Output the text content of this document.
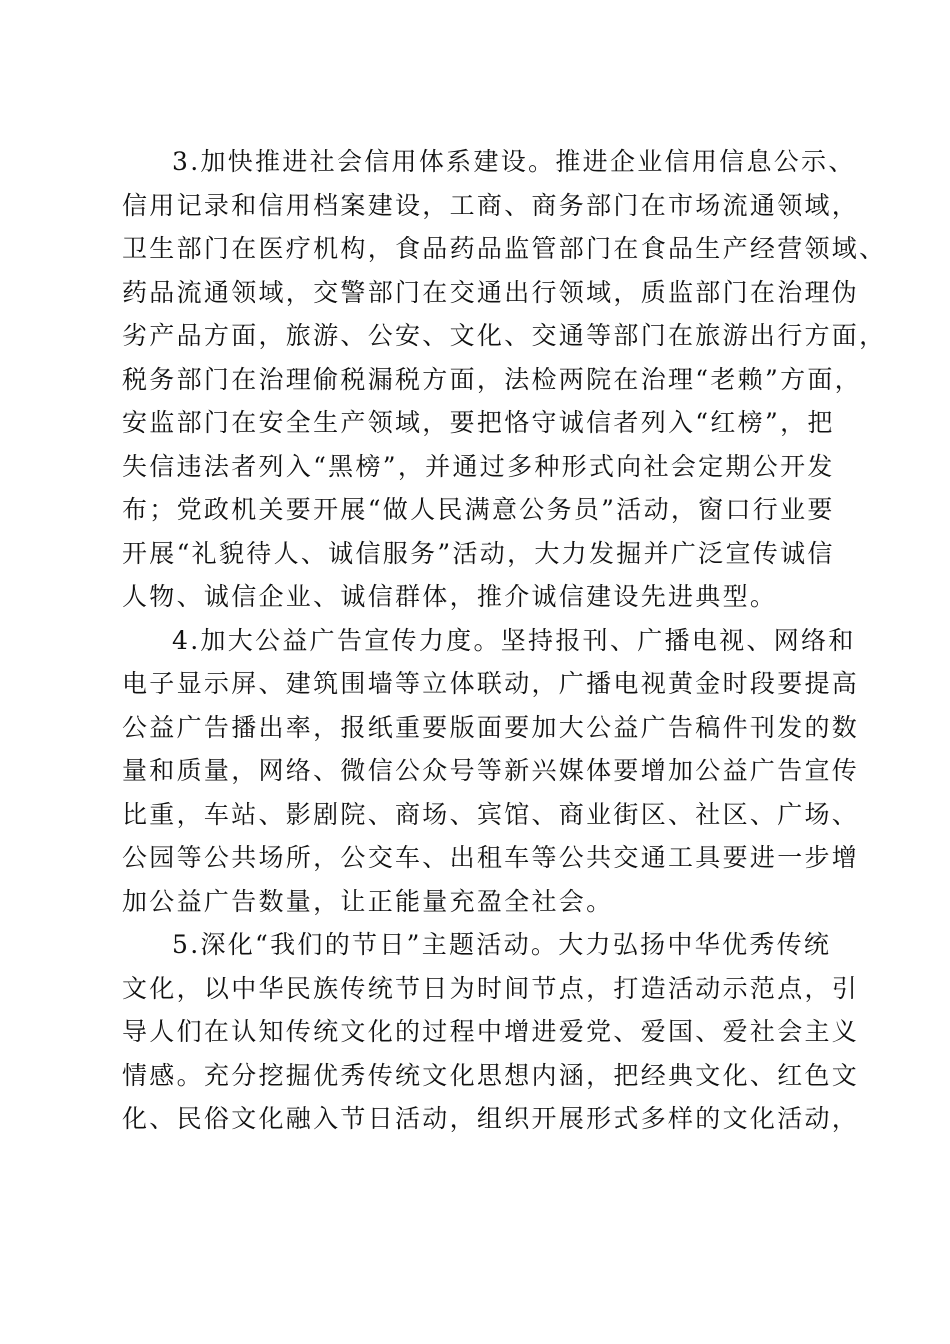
3.加快推进社会信用体系建设。推进企业信用信息公示、
信用记录和信用档案建设，工商、商务部门在市场流通领域，
卫生部门在医疗机构，食品药品监管部门在食品生产经营领域、
药品流通领域，交警部门在交通出行领域，质监部门在治理伪
劣产品方面，旅游、公安、文化、交通等部门在旅游出行方面，
税务部门在治理偷税漏税方面，法检两院在治理“老赖”方面，
安监部门在安全生产领域，要把恪守诚信者列入“红榜”，把
失信违法者列入“黑榜”，并通过多种形式向社会定期公开发
布；党政机关要开展“做人民满意公务员”活动，窗口行业要
开展“礼貌待人、诚信服务”活动，大力发掘并广泛宣传诚信
人物、诚信企业、诚信群体，推介诚信建设先进典型。
4.加大公益广告宣传力度。坚持报刊、广播电视、网络和
电子显示屏、建筑围墙等立体联动，广播电视黄金时段要提高
公益广告播出率，报纸重要版面要加大公益广告稿件刊发的数
量和质量，网络、微信公众号等新兴媒体要增加公益广告宣传
比重，车站、影剧院、商场、宾馆、商业街区、社区、广场、
公园等公共场所，公交车、出租车等公共交通工具要进一步增
加公益广告数量，让正能量充盈全社会。
5.深化“我们的节日”主题活动。大力弘扬中华优秀传统
文化，以中华民族传统节日为时间节点，打造活动示范点，引
导人们在认知传统文化的过程中增进爱党、爱国、爱社会主义
情感。充分挖掘优秀传统文化思想内涵，把经典文化、红色文
化、民俗文化融入节日活动，组织开展形式多样的文化活动，
